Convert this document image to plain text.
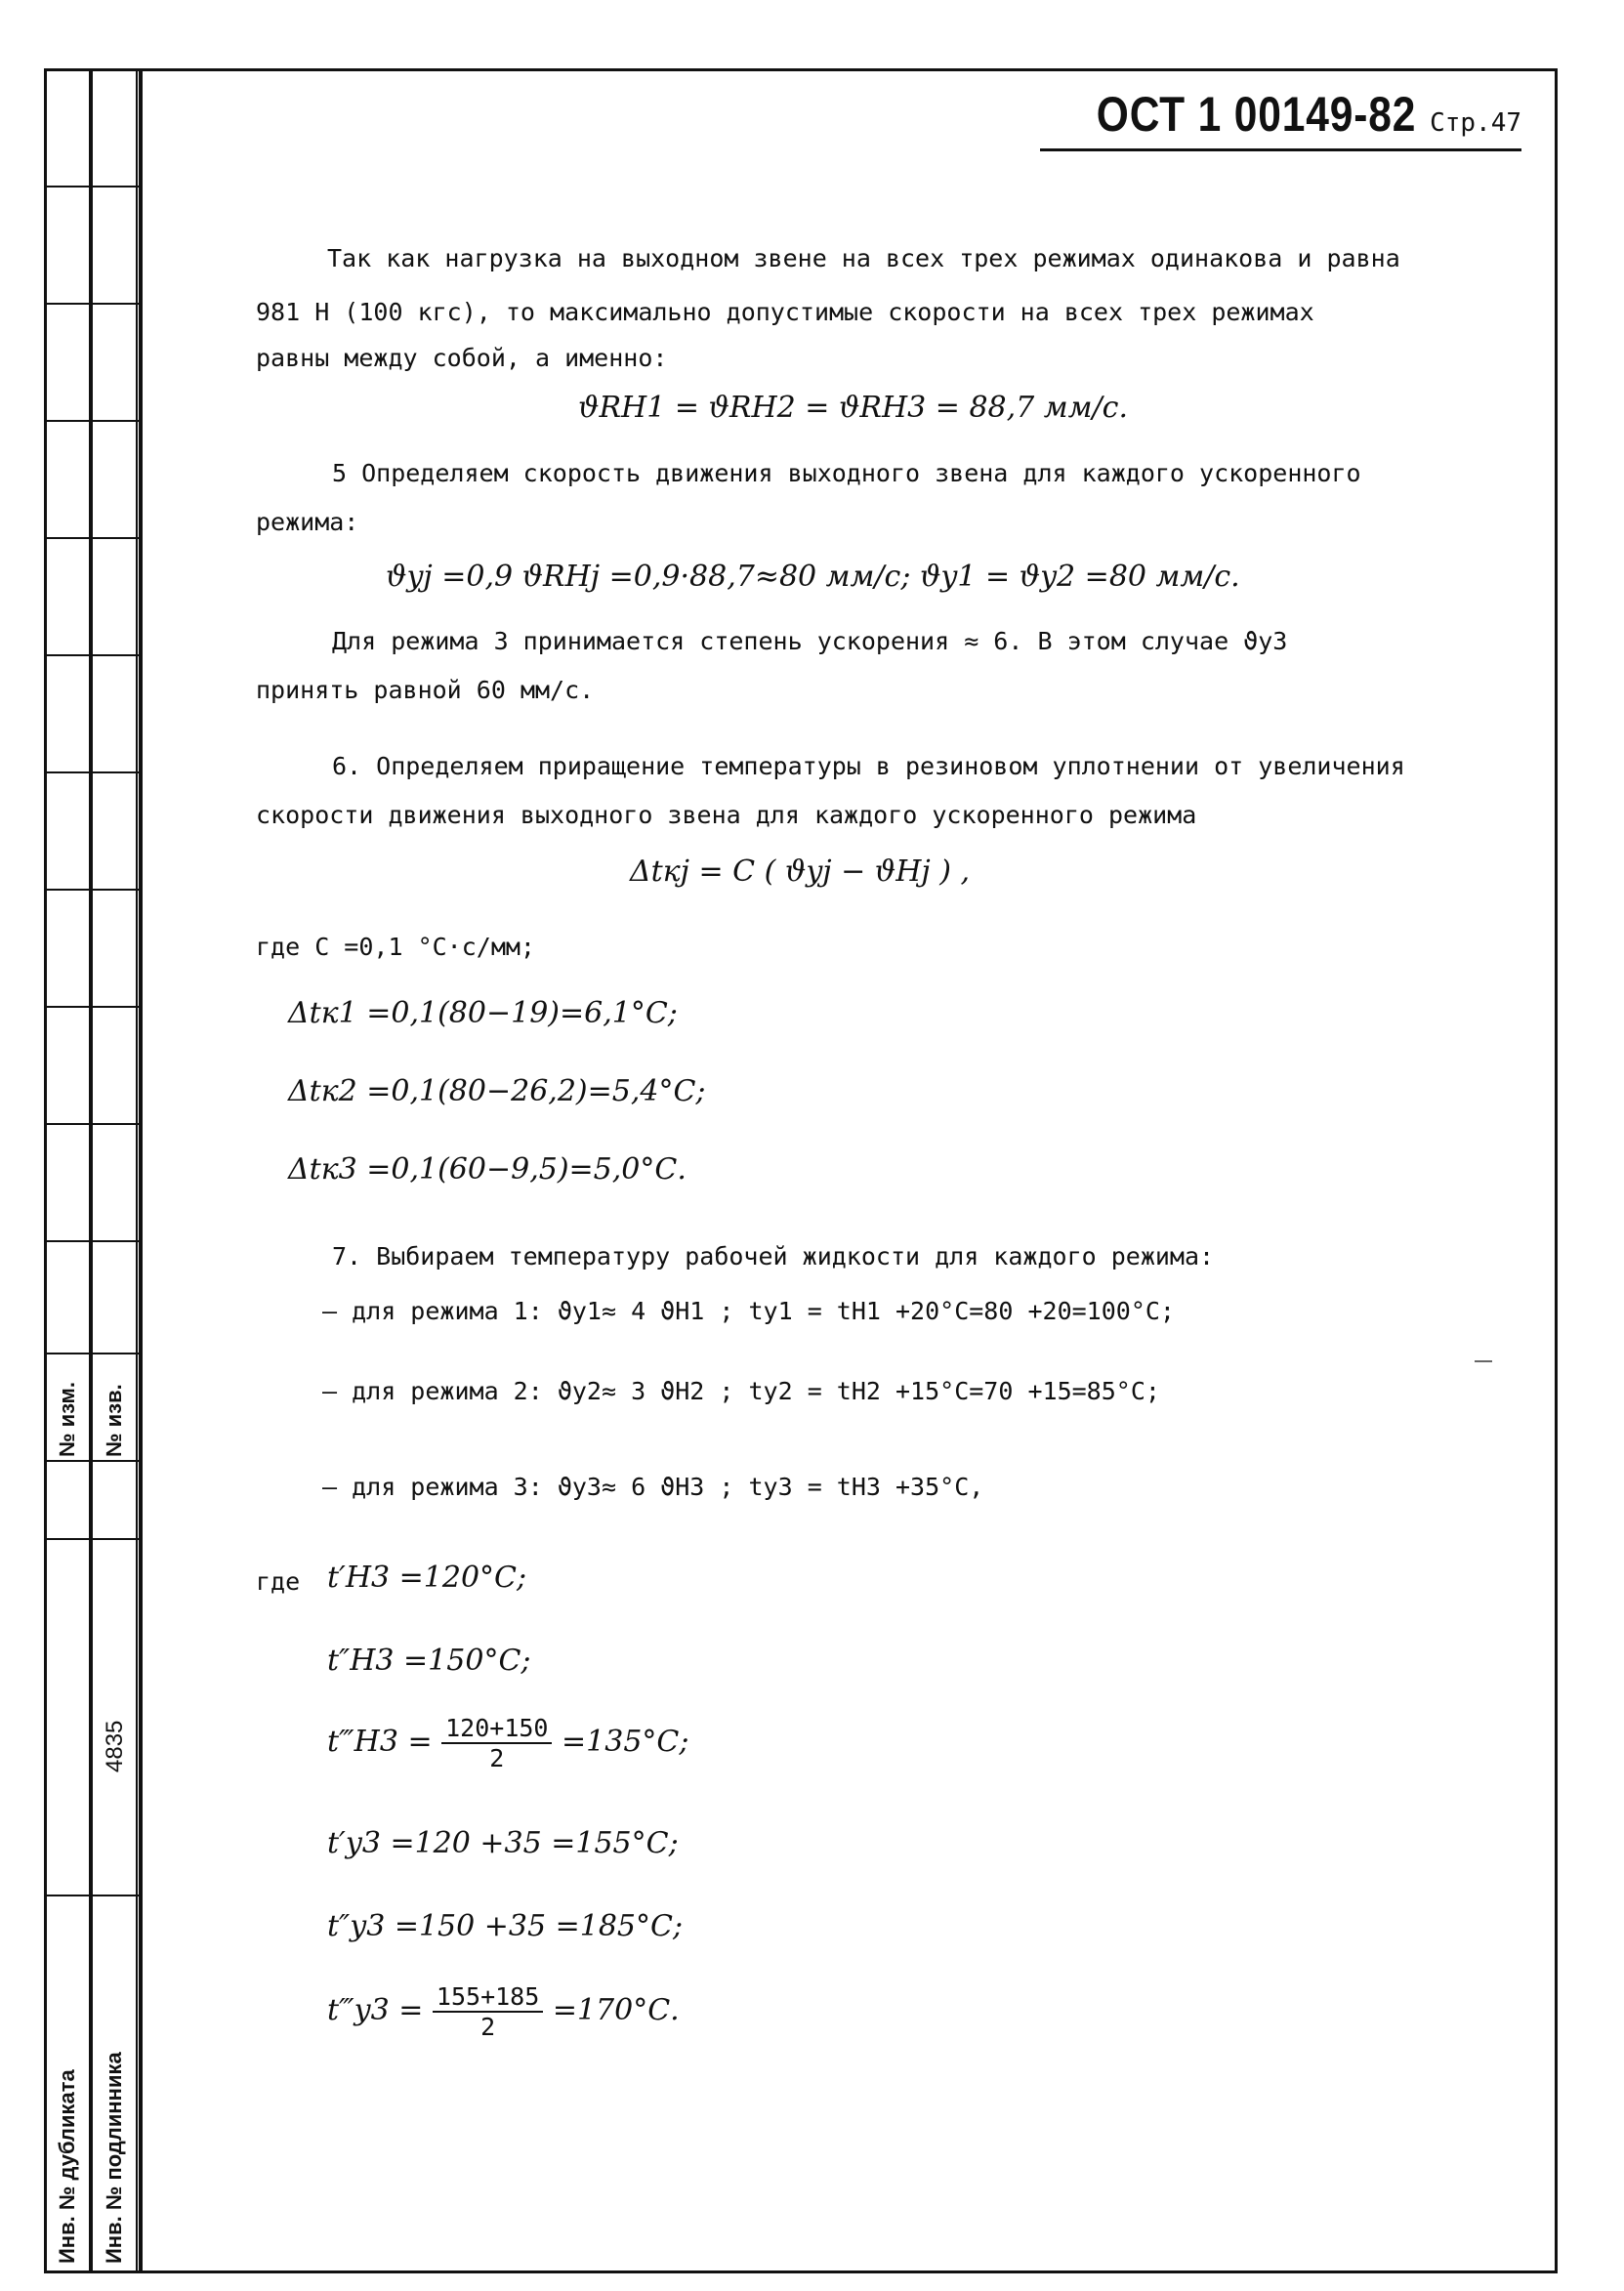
№ изм. № изв.
4835
Инв. № дубликата Инв. № подлинника
ОСТ 1 00149-82 Стр.47
Так как нагрузка на выходном звене на всех трех режимах одинакова и равна
981 Н (100 кгс), то максимально допустимые скорости на всех трех режимах
равны между собой, а именно:
ϑRH1 = ϑRH2 = ϑRH3 = 88,7 мм/с.
5 Определяем скорость движения выходного звена для каждого ускоренного
режима:
ϑyj =0,9 ϑRHj =0,9·88,7≈80 мм/с; ϑy1 = ϑy2 =80 мм/с.
Для режима 3 принимается степень ускорения ≈ 6. В этом случае ϑy3
принять равной 60 мм/с.
6. Определяем приращение температуры в резиновом уплотнении от увеличения
скорости движения выходного звена для каждого ускоренного режима
Δtкj = C ( ϑyj − ϑHj ) ,
где C =0,1 °С·с/мм;
Δtк1 =0,1(80−19)=6,1°С;
Δtк2 =0,1(80−26,2)=5,4°С;
Δtк3 =0,1(60−9,5)=5,0°С.
7. Выбираем температуру рабочей жидкости для каждого режима:
– для режима 1: ϑy1≈ 4 ϑH1 ; ty1 = tH1 +20°С=80 +20=100°С;
– для режима 2: ϑy2≈ 3 ϑH2 ; ty2 = tH2 +15°С=70 +15=85°С;
– для режима 3: ϑy3≈ 6 ϑH3 ; ty3 = tH3 +35°С,
где t′H3 =120°С;
t″H3 =150°С;
t‴H3 = $\frac{120+150}{2} =135^\circ С$;
t′y3 =120 +35 =155°С;
t″y3 =150 +35 =185°С;
t‴y3 = $\frac{155+185}{2} =170^\circ С$.
